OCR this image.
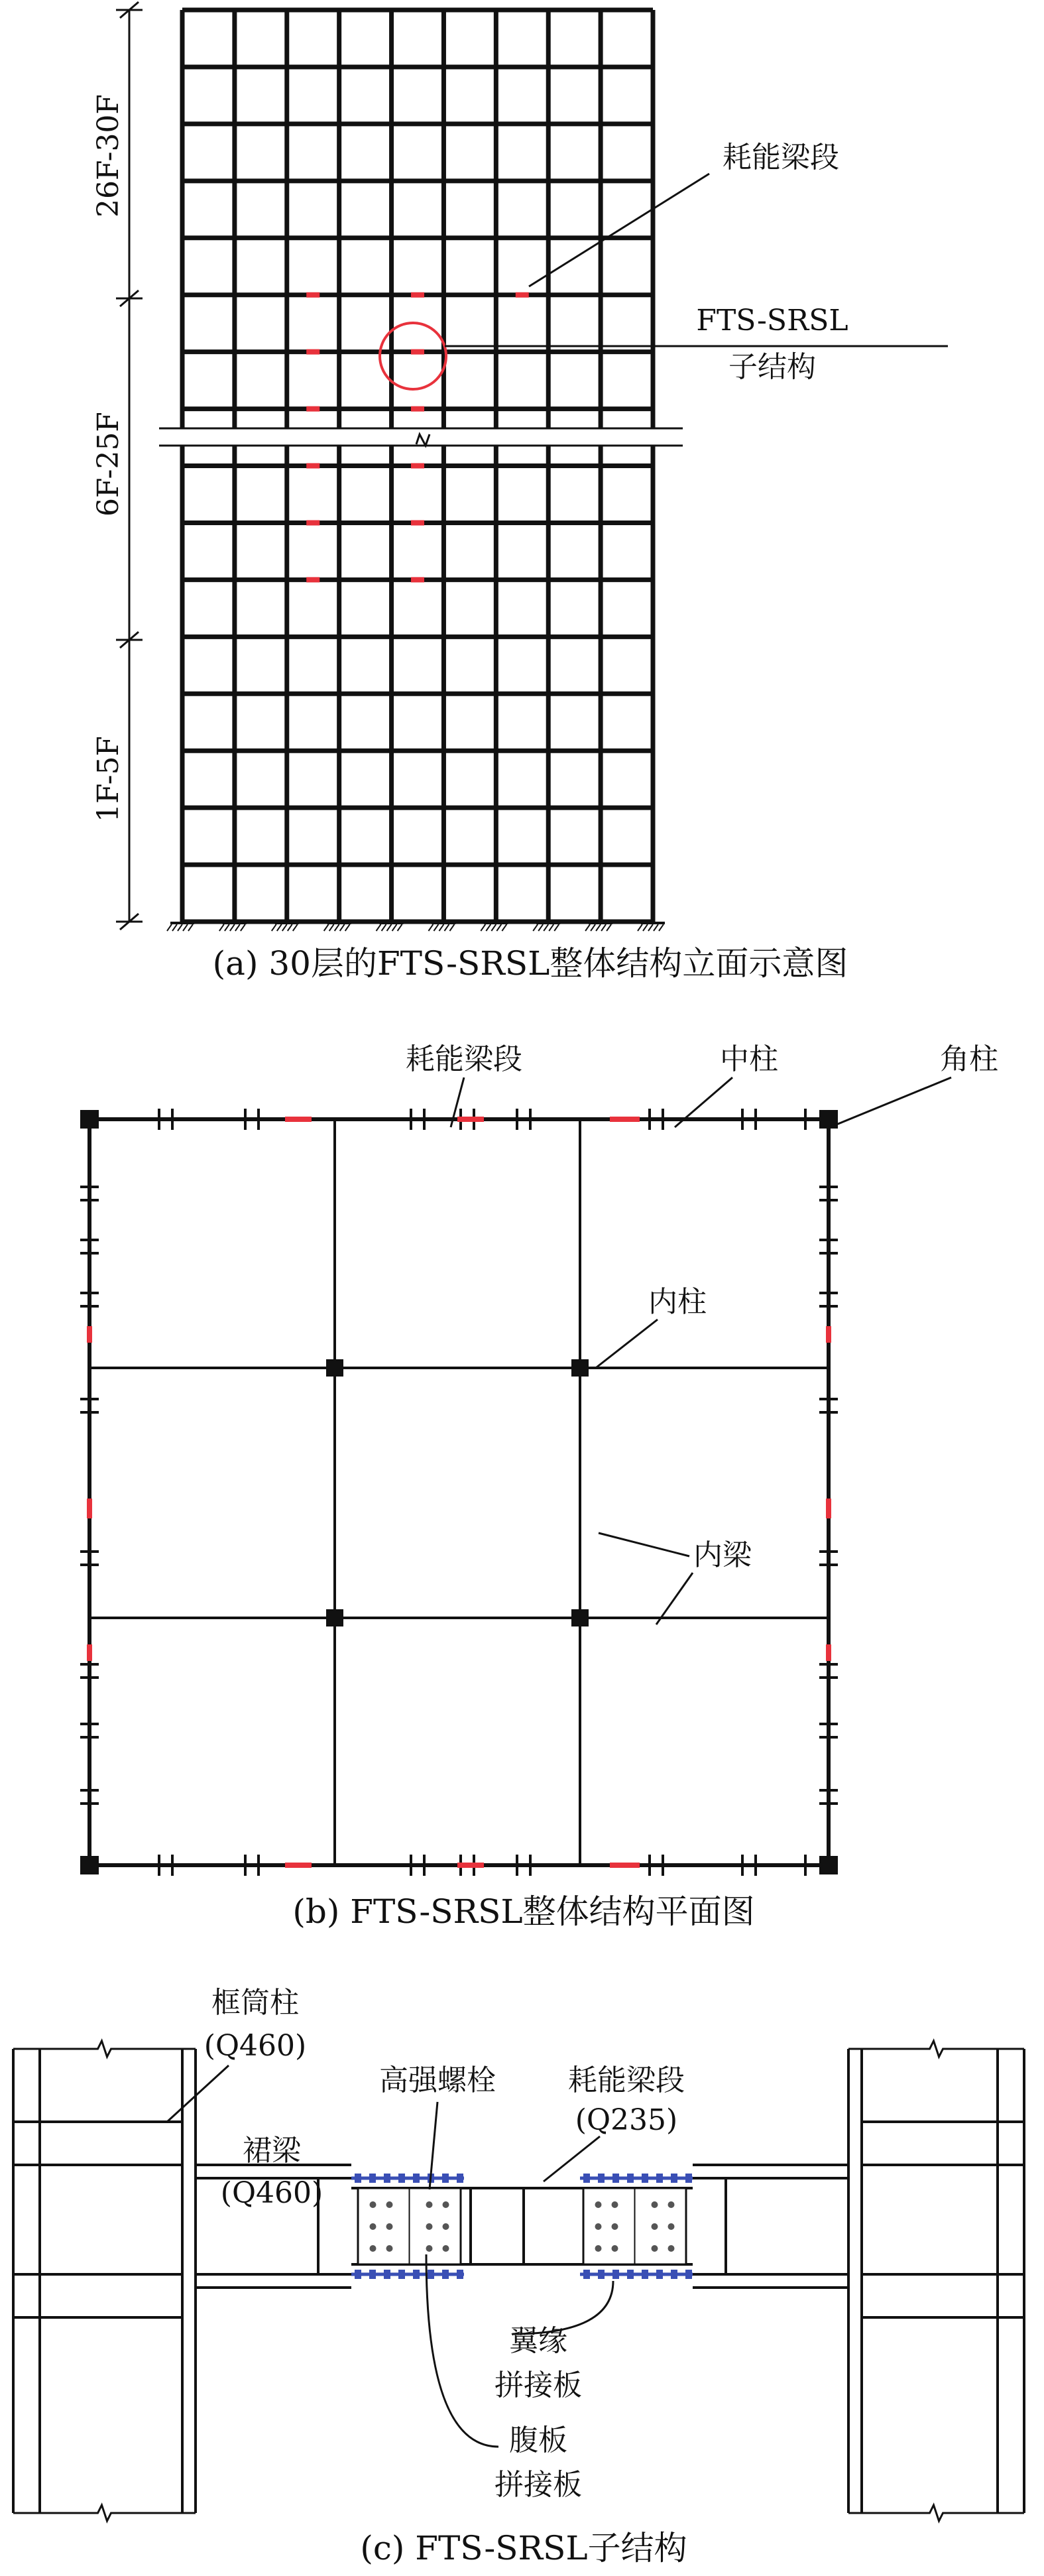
26F-30F
6F-25F
1F-5F
耗能梁段
FTS-SRSL
子结构
(a) 30层的FTS-SRSL整体结构立面示意图
耗能梁段	中柱	角柱
内柱
内梁
(b) FTS-SRSL整体结构平面图
框筒柱
(Q460)
高强螺栓 耗能梁段
(Q235)
裙梁
(Q460)
翼缘
拼接板
腹板
拼接板
(c) FTS-SRSL子结构
